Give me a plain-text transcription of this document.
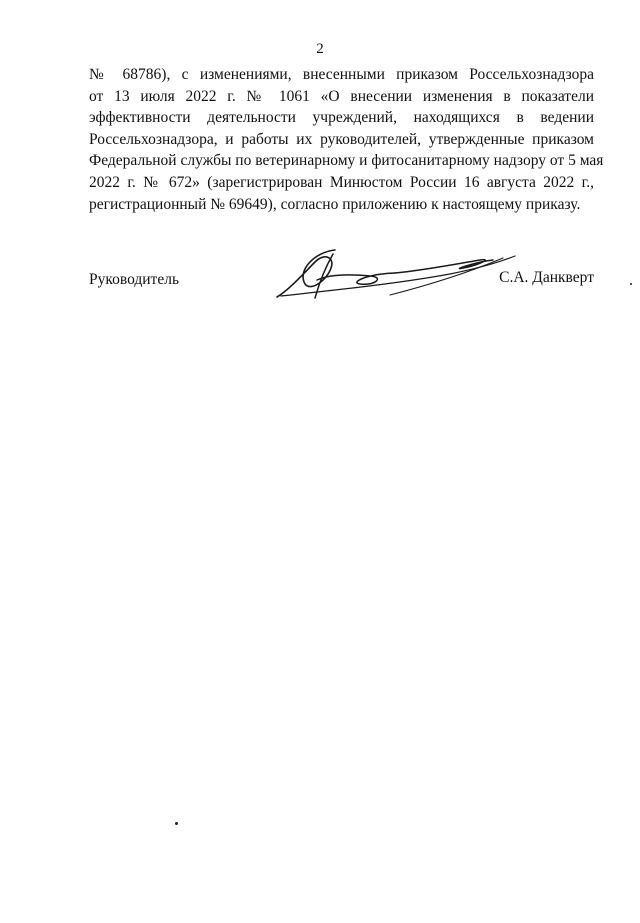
2
№ 68786), с изменениями, внесенными приказом Россельхознадзора
от 13 июля 2022 г. № 1061 «О внесении изменения в показатели
эффективности деятельности учреждений, находящихся в ведении
Россельхознадзора, и работы их руководителей, утвержденные приказом
Федеральной службы по ветеринарному и фитосанитарному надзору от 5 мая
2022 г. № 672» (зарегистрирован Минюстом России 16 августа 2022 г.,
регистрационный № 69649), согласно приложению к настоящему приказу.
Руководитель	С.А. Данкверт
